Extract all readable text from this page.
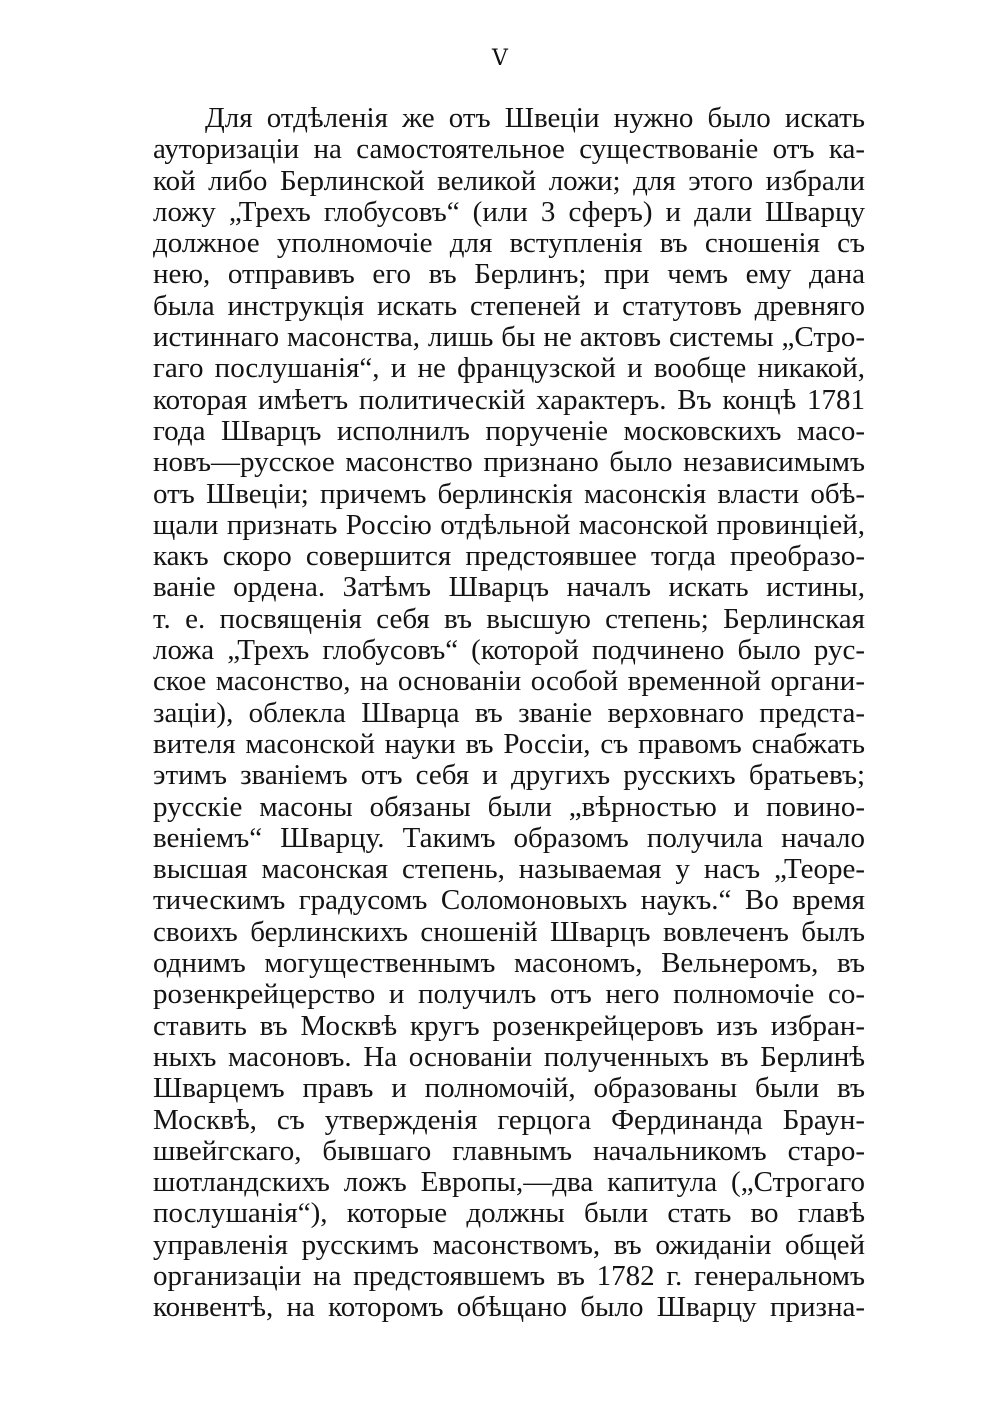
V
Для отдѣленія же отъ Швеціи нужно было искать
ауторизаціи на самостоятельное существованіе отъ ка-
кой либо Берлинской великой ложи; для этого избрали
ложу „Трехъ глобусовъ“ (или 3 сферъ) и дали Шварцу
должное уполномочіе для вступленія въ сношенія съ
нею, отправивъ его въ Берлинъ; при чемъ ему дана
была инструкція искать степеней и статутовъ древняго
истиннаго масонства, лишь бы не актовъ системы „Стро-
гаго послушанія“, и не французской и вообще никакой,
которая имѣетъ политическій характеръ. Въ концѣ 1781
года Шварцъ исполнилъ порученіе московскихъ масо-
новъ—русское масонство признано было независимымъ
отъ Швеціи; причемъ берлинскія масонскія власти обѣ-
щали признать Россію отдѣльной масонской провинціей,
какъ скоро совершится предстоявшее тогда преобразо-
ваніе ордена. Затѣмъ Шварцъ началъ искать истины,
т. е. посвященія себя въ высшую степень; Берлинская
ложа „Трехъ глобусовъ“ (которой подчинено было рус-
ское масонство, на основаніи особой временной органи-
заціи), облекла Шварца въ званіе верховнаго предста-
вителя масонской науки въ Россіи, съ правомъ снабжать
этимъ званіемъ отъ себя и другихъ русскихъ братьевъ;
русскіе масоны обязаны были „вѣрностью и повино-
веніемъ“ Шварцу. Такимъ образомъ получила начало
высшая масонская степень, называемая у насъ „Теоре-
тическимъ градусомъ Соломоновыхъ наукъ.“ Во время
своихъ берлинскихъ сношеній Шварцъ вовлеченъ былъ
однимъ могущественнымъ масономъ, Вельнеромъ, въ
розенкрейцерство и получилъ отъ него полномочіе со-
ставить въ Москвѣ кругъ розенкрейцеровъ изъ избран-
ныхъ масоновъ. На основаніи полученныхъ въ Берлинѣ
Шварцемъ правъ и полномочій, образованы были въ
Москвѣ, съ утвержденія герцога Фердинанда Браун-
швейгскаго, бывшаго главнымъ начальникомъ старо-
шотландскихъ ложъ Европы,—два капитула („Строгаго
послушанія“), которые должны были стать во главѣ
управленія русскимъ масонствомъ, въ ожиданіи общей
организаціи на предстоявшемъ въ 1782 г. генеральномъ
конвентѣ, на которомъ обѣщано было Шварцу призна-
